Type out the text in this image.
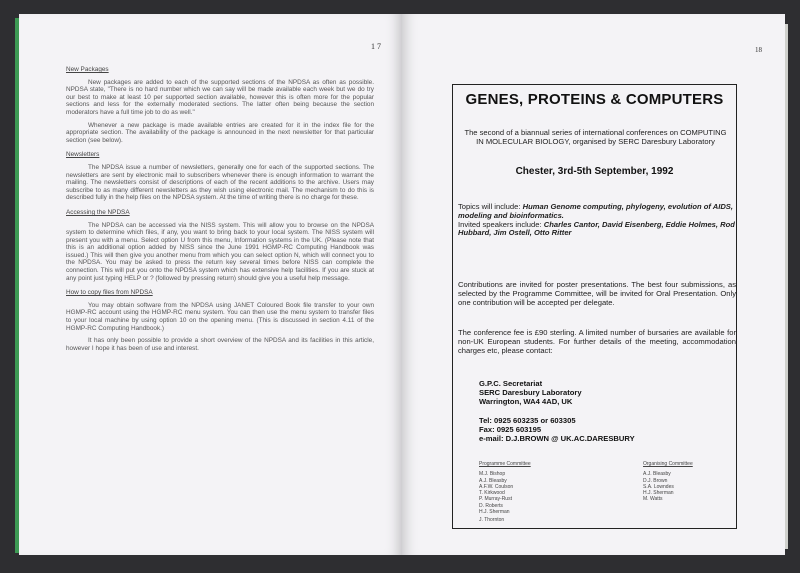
1 7
New Packages

New packages are added to each of the supported sections of the NPDSA as often as possible. NPDSA state, "There is no hard number which we can say will be made available each week but we do try our best to make at least 10 per supported section available, however this is often more for the popular sections and less for the externally moderated sections. The latter often being because the section moderators have a full time job to do as well."

Whenever a new package is made available entries are created for it in the index file for the appropriate section. The availability of the package is announced in the next newsletter for that particular section (see below).

Newsletters

The NPDSA issue a number of newsletters, generally one for each of the supported sections. The newsletters are sent by electronic mail to subscribers whenever there is enough information to warrant the mailing. The newsletters consist of descriptions of each of the recent additions to the archive. Users may subscribe to as many different newsletters as they wish using electronic mail. The mechanism to do this is described fully in the help files on the NPDSA system. At the time of writing there is no charge for these.

Accessing the NPDSA

The NPDSA can be accessed via the NISS system. This will allow you to browse on the NPDSA system to determine which files, if any, you want to bring back to your local system. The NISS system will present you with a menu. Select option U from this menu, Information systems in the UK. (Please note that this is an additional option added by NISS since the June 1991 HGMP-RC Computing Handbook was issued.) This will then give you another menu from which you can select option N, which will connect you to the NPDSA. You may be asked to press the return key several times before NISS can complete the connection. This will put you onto the NPDSA system which has extensive help facilities. If you are stuck at any point just typing HELP or ? (followed by pressing return) should give you a useful help message.

How to copy files from NPDSA

You may obtain software from the NPDSA using JANET Coloured Book file transfer to your own HGMP-RC account using the HGMP-RC menu system. You can then use the menu system to transfer files to your local machine by using option 10 on the opening menu. (This is discussed in section 4.11 of the HGMP-RC Computing Handbook.)

It has only been possible to provide a short overview of the NPDSA and its facilities in this article, however I hope it has been of use and interest.

18
GENES, PROTEINS & COMPUTERS
The second of a biannual series of international conferences on COMPUTING IN MOLECULAR BIOLOGY, organised by SERC Daresbury Laboratory
Chester, 3rd-5th September, 1992
Topics will include: Human Genome computing, phylogeny, evolution of AIDS, modeling and bioinformatics.
Invited speakers include: Charles Cantor, David Eisenberg, Eddie Holmes, Rod Hubbard, Jim Ostell, Otto Ritter
Contributions are invited for poster presentations. The best four submissions, as selected by the Programme Committee, will be invited for Oral Presentation. Only one contribution will be accepted per delegate.
The conference fee is £90 sterling. A limited number of bursaries are available for non-UK European students. For further details of the meeting, accommodation charges etc, please contact:
G.P.C. Secretariat
SERC Daresbury Laboratory
Warrington, WA4 4AD, UK
Tel: 0925 603235 or 603305
Fax: 0925 603195
e-mail: D.J.BROWN @ UK.AC.DARESBURY
Programme Committee
M.J. Bishop
A.J. Bleasby
A.F.W. Coulson
T. Kirkwood
P. Murray-Rust
D. Roberts
H.J. Sherman
J. Thornton
Organising Committee
A.J. Bleasby
D.J. Brown
S.A. Lowndes
H.J. Sherman
M. Watts
